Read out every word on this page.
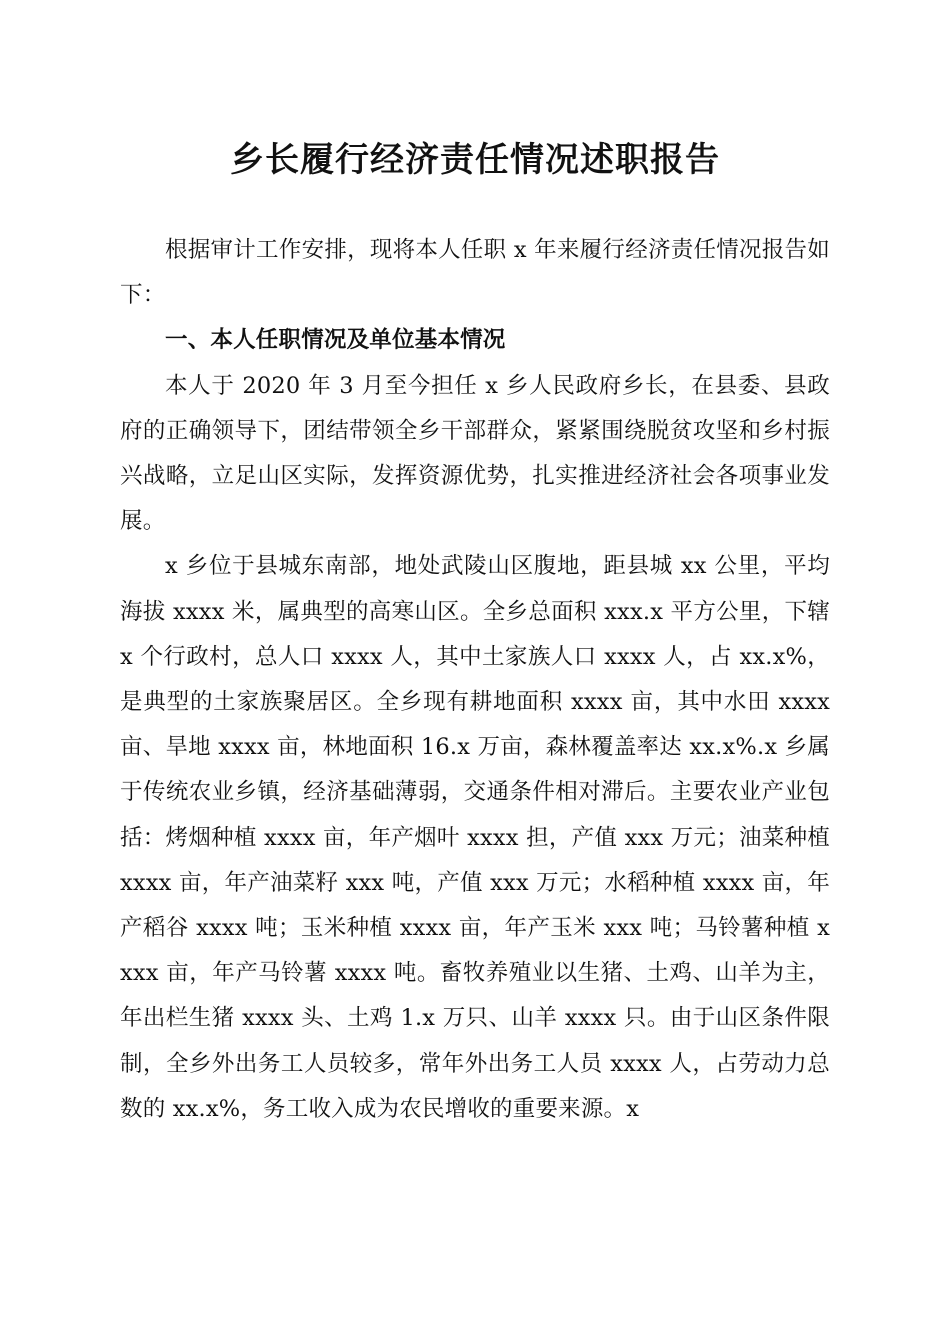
乡长履行经济责任情况述职报告

根据审计工作安排，现将本人任职 x 年来履行经济责任情况报告如下：

一、本人任职情况及单位基本情况

本人于 2020 年 3 月至今担任 x 乡人民政府乡长，在县委、县政府的正确领导下，团结带领全乡干部群众，紧紧围绕脱贫攻坚和乡村振兴战略，立足山区实际，发挥资源优势，扎实推进经济社会各项事业发展。

x 乡位于县城东南部，地处武陵山区腹地，距县城 xx 公里，平均海拔 xxxx 米，属典型的高寒山区。全乡总面积 xxx.x 平方公里，下辖 x 个行政村，总人口 xxxx 人，其中土家族人口 xxxx 人，占 xx.x%，是典型的土家族聚居区。全乡现有耕地面积 xxxx 亩，其中水田 xxxx 亩、旱地 xxxx 亩，林地面积 16.x 万亩，森林覆盖率达 xx.x%.x 乡属于传统农业乡镇，经济基础薄弱，交通条件相对滞后。主要农业产业包括：烤烟种植 xxxx 亩，年产烟叶 xxxx 担，产值 xxx 万元；油菜种植 xxxx 亩，年产油菜籽 xxx 吨，产值 xxx 万元；水稻种植 xxxx 亩，年产稻谷 xxxx 吨；玉米种植 xxxx 亩，年产玉米 xxx 吨；马铃薯种植 xxxx 亩，年产马铃薯 xxxx 吨。畜牧养殖业以生猪、土鸡、山羊为主，年出栏生猪 xxxx 头、土鸡 1.x 万只、山羊 xxxx 只。由于山区条件限制，全乡外出务工人员较多，常年外出务工人员 xxxx 人，占劳动力总数的 xx.x%，务工收入成为农民增收的重要来源。x
